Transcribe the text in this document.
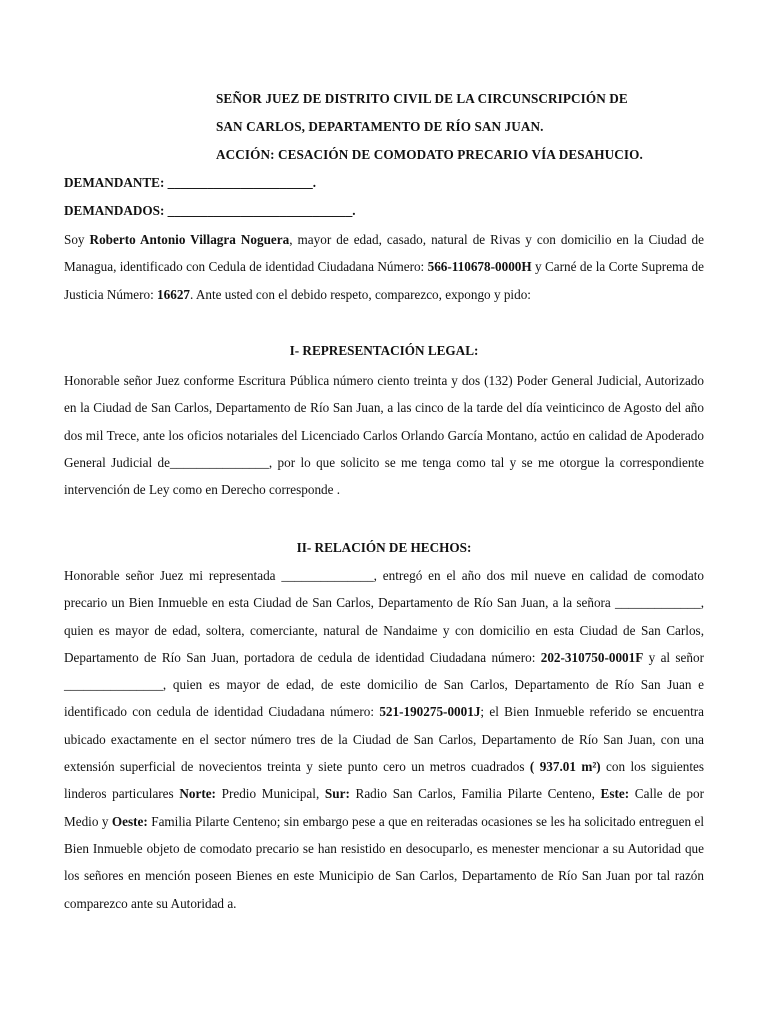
SEÑOR JUEZ DE DISTRITO CIVIL DE LA CIRCUNSCRIPCIÓN DE
SAN CARLOS, DEPARTAMENTO DE RÍO SAN JUAN.
ACCIÓN: CESACIÓN DE COMODATO PRECARIO VÍA DESAHUCIO.
DEMANDANTE: ______________________.
DEMANDADOS: ____________________________.

Soy Roberto Antonio Villagra Noguera, mayor de edad, casado, natural de Rivas y con domicilio en la Ciudad de Managua, identificado con Cedula de identidad Ciudadana Número: 566-110678-0000H y Carné de la Corte Suprema de Justicia Número: 16627. Ante usted con el debido respeto, comparezco, expongo y pido:

I- REPRESENTACIÓN LEGAL:

Honorable señor Juez conforme Escritura Pública número ciento treinta y dos (132) Poder General Judicial, Autorizado en la Ciudad de San Carlos, Departamento de Río San Juan, a las cinco de la tarde del día veinticinco de Agosto del año dos mil Trece, ante los oficios notariales del Licenciado Carlos Orlando García Montano, actúo en calidad de Apoderado General Judicial de_______________, por lo que solicito se me tenga como tal y se me otorgue la correspondiente intervención de Ley como en Derecho corresponde .

II- RELACIÓN DE HECHOS:

Honorable señor Juez mi representada ______________, entregó en el año dos mil nueve en calidad de comodato precario un Bien Inmueble en esta Ciudad de San Carlos, Departamento de Río San Juan, a la señora _____________, quien es mayor de edad, soltera, comerciante, natural de Nandaime y con domicilio en esta Ciudad de San Carlos, Departamento de Río San Juan, portadora de cedula de identidad Ciudadana número: 202-310750-0001F y al señor _______________, quien es mayor de edad, de este domicilio de San Carlos, Departamento de Río San Juan e identificado con cedula de identidad Ciudadana número: 521-190275-0001J; el Bien Inmueble referido se encuentra ubicado exactamente en el sector número tres de la Ciudad de San Carlos, Departamento de Río San Juan, con una extensión superficial de novecientos treinta y siete punto cero un metros cuadrados ( 937.01 m²) con los siguientes linderos particulares Norte: Predio Municipal, Sur: Radio San Carlos, Familia Pilarte Centeno, Este: Calle de por Medio y Oeste: Familia Pilarte Centeno; sin embargo pese a que en reiteradas ocasiones se les ha solicitado entreguen el Bien Inmueble objeto de comodato precario se han resistido en desocuparlo, es menester mencionar a su Autoridad que los señores en mención poseen Bienes en este Municipio de San Carlos, Departamento de Río San Juan por tal razón comparezco ante su Autoridad a.
